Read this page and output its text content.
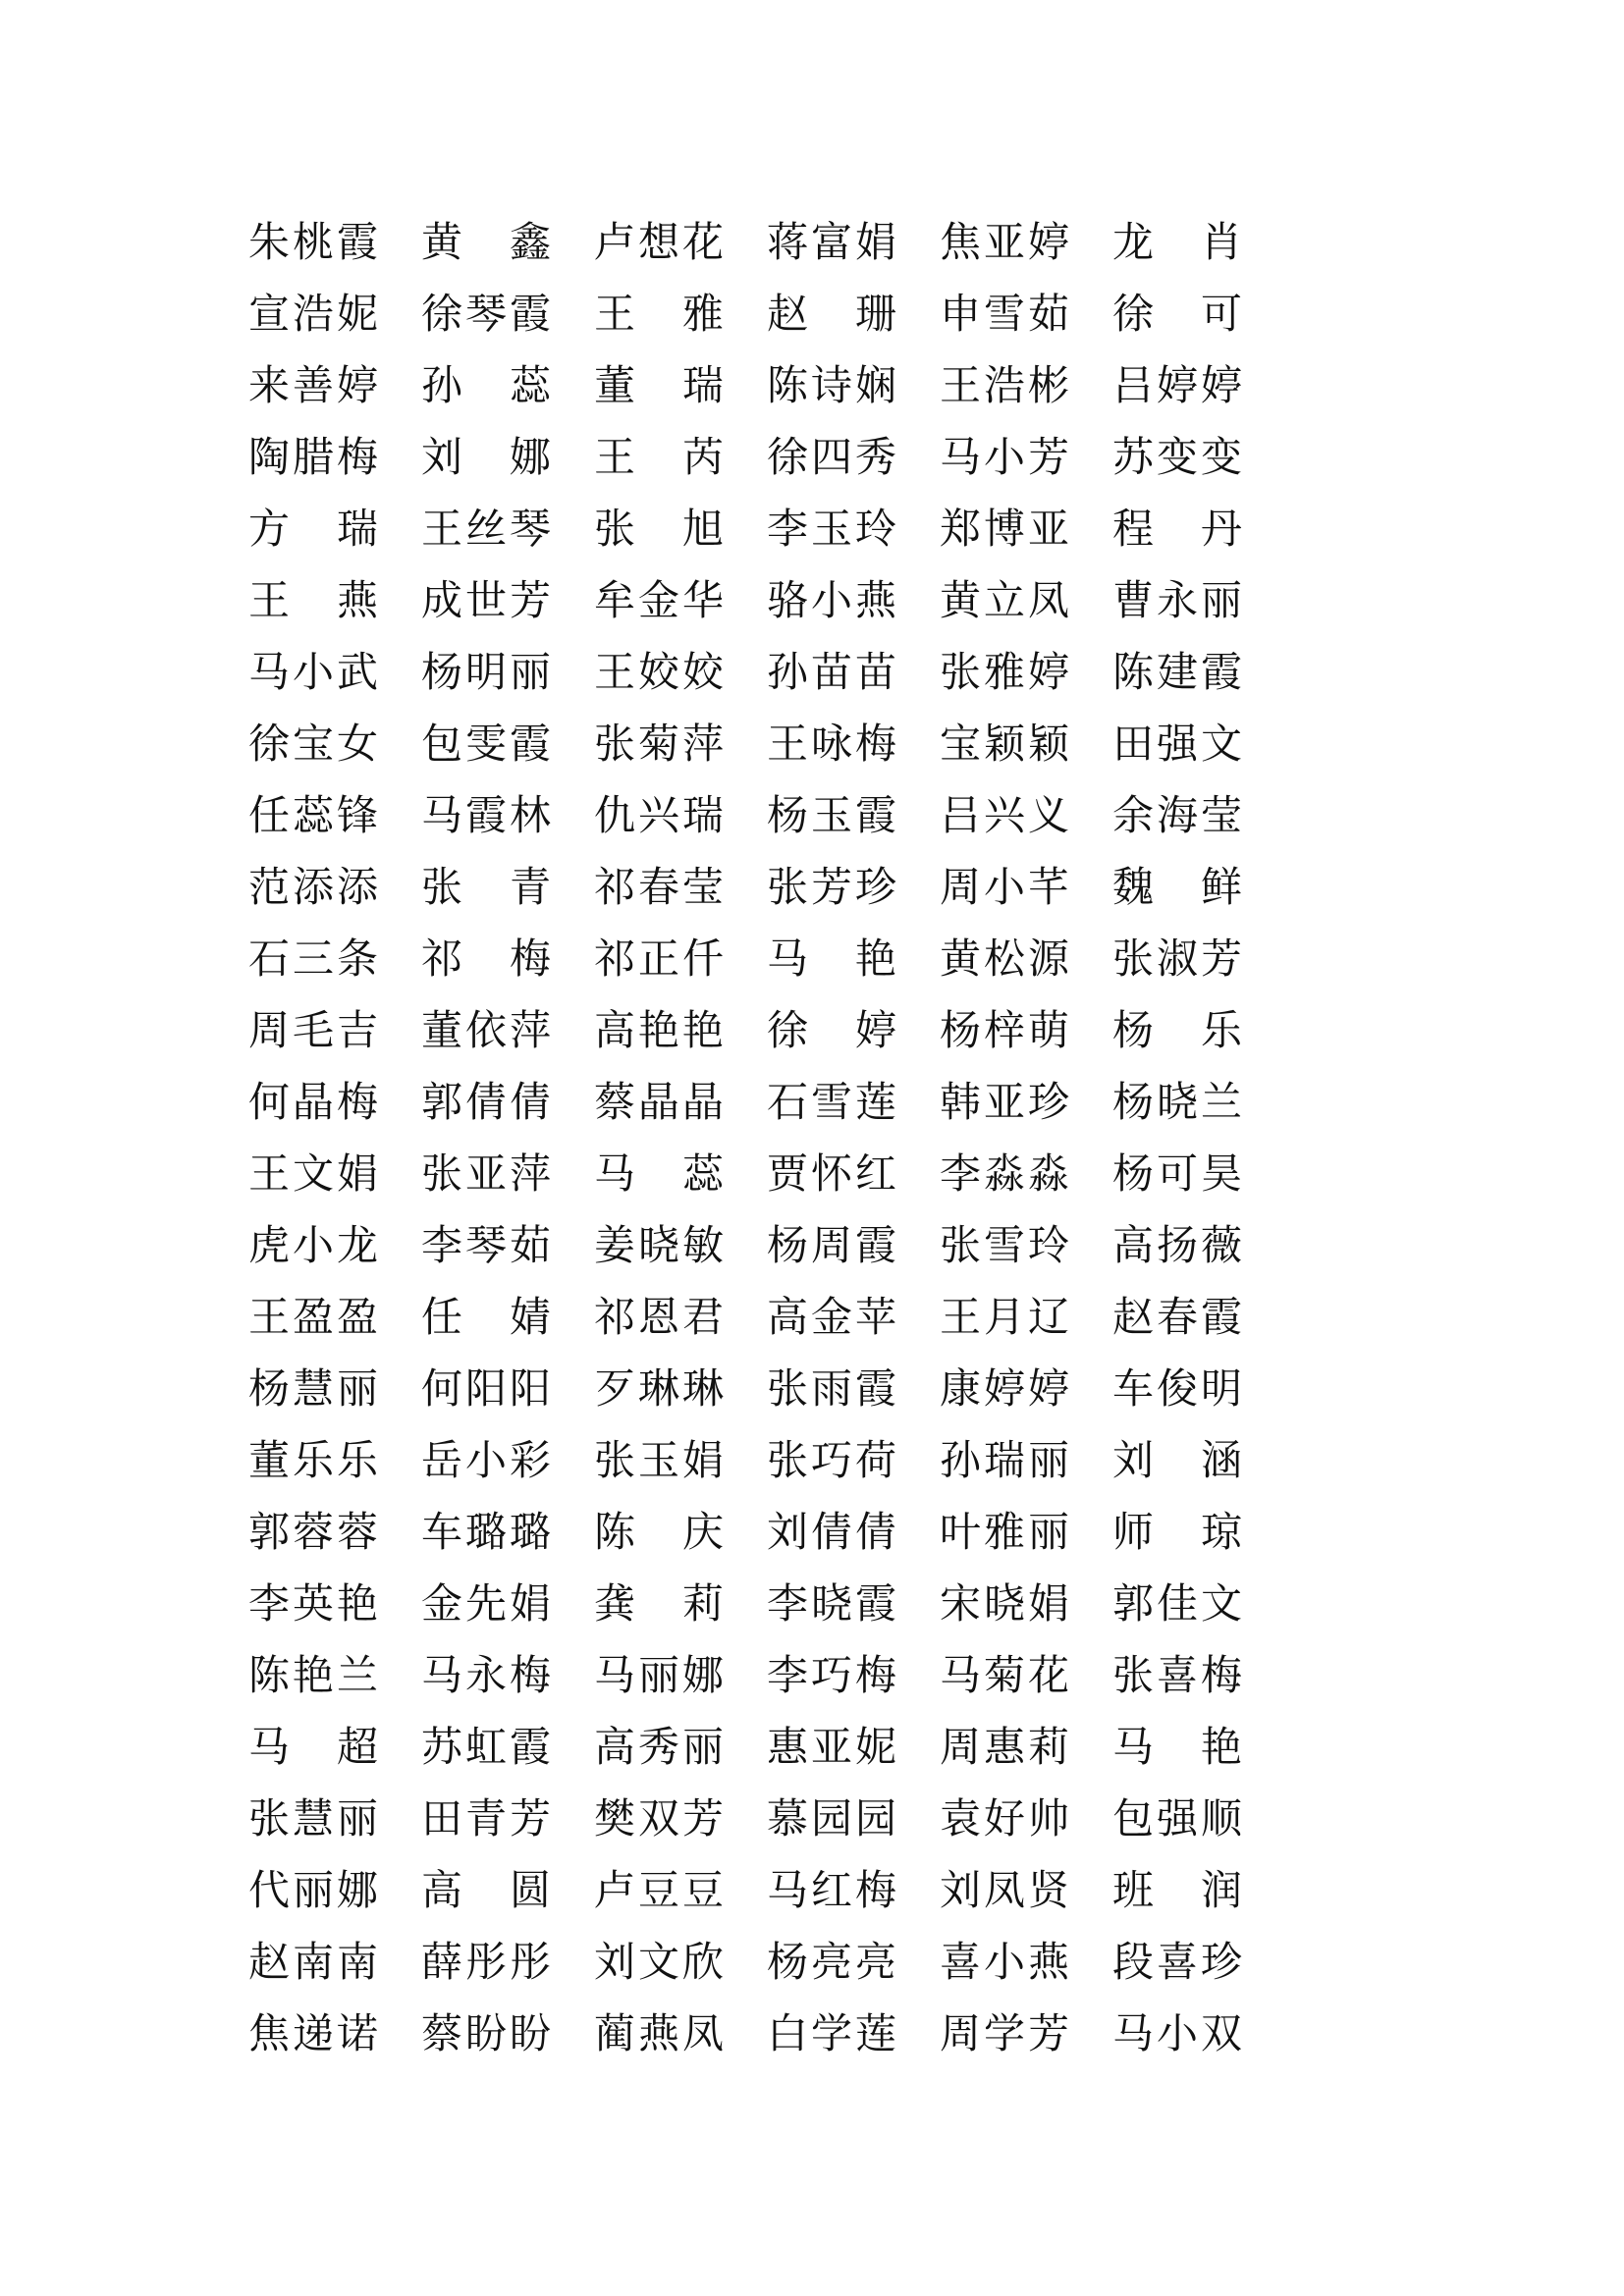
朱 桃 霞 黄 鑫 卢 想 花 蒋 富 娟 焦 亚 婷 龙 肖
宣 浩 妮 徐 琴 霞 王 雅 赵 珊 申 雪 茹 徐 可
来 善 婷 孙 蕊 董 瑞 陈 诗 娴 王 浩 彬 吕 婷 婷
陶 腊 梅 刘 娜 王 芮 徐 四 秀 马 小 芳 苏 变 变
方 瑞 王 丝 琴 张 旭 李 玉 玲 郑 博 亚 程 丹
王 燕 成 世 芳 牟 金 华 骆 小 燕 黄 立 凤 曹 永 丽
马 小 武 杨 明 丽 王 姣 姣 孙 苗 苗 张 雅 婷 陈 建 霞
徐 宝 女 包 雯 霞 张 菊 萍 王 咏 梅 宝 颖 颖 田 强 文
任 蕊 锋 马 霞 林 仇 兴 瑞 杨 玉 霞 吕 兴 义 余 海 莹
范 添 添 张 青 祁 春 莹 张 芳 珍 周 小 芊 魏 鲜
石 三 条 祁 梅 祁 正 仟 马 艳 黄 松 源 张 淑 芳
周 毛 吉 董 依 萍 高 艳 艳 徐 婷 杨 梓 萌 杨 乐
何 晶 梅 郭 倩 倩 蔡 晶 晶 石 雪 莲 韩 亚 珍 杨 晓 兰
王 文 娟 张 亚 萍 马 蕊 贾 怀 红 李 淼 淼 杨 可 昊
虎 小 龙 李 琴 茹 姜 晓 敏 杨 周 霞 张 雪 玲 高 扬 薇
王 盈 盈 任 婧 祁 恩 君 高 金 苹 王 月 辽 赵 春 霞
杨 慧 丽 何 阳 阳 歹 琳 琳 张 雨 霞 康 婷 婷 车 俊 明
董 乐 乐 岳 小 彩 张 玉 娟 张 巧 荷 孙 瑞 丽 刘 涵
郭 蓉 蓉 车 璐 璐 陈 庆 刘 倩 倩 叶 雅 丽 师 琼
李 英 艳 金 先 娟 龚 莉 李 晓 霞 宋 晓 娟 郭 佳 文
陈 艳 兰 马 永 梅 马 丽 娜 李 巧 梅 马 菊 花 张 喜 梅
马 超 苏 虹 霞 高 秀 丽 惠 亚 妮 周 惠 莉 马 艳
张 慧 丽 田 青 芳 樊 双 芳 慕 园 园 袁 好 帅 包 强 顺
代 丽 娜 高 圆 卢 豆 豆 马 红 梅 刘 凤 贤 班 润
赵 南 南 薛 彤 彤 刘 文 欣 杨 亮 亮 喜 小 燕 段 喜 珍
焦 递 诺 蔡 盼 盼 蔺 燕 凤 白 学 莲 周 学 芳 马 小 双
